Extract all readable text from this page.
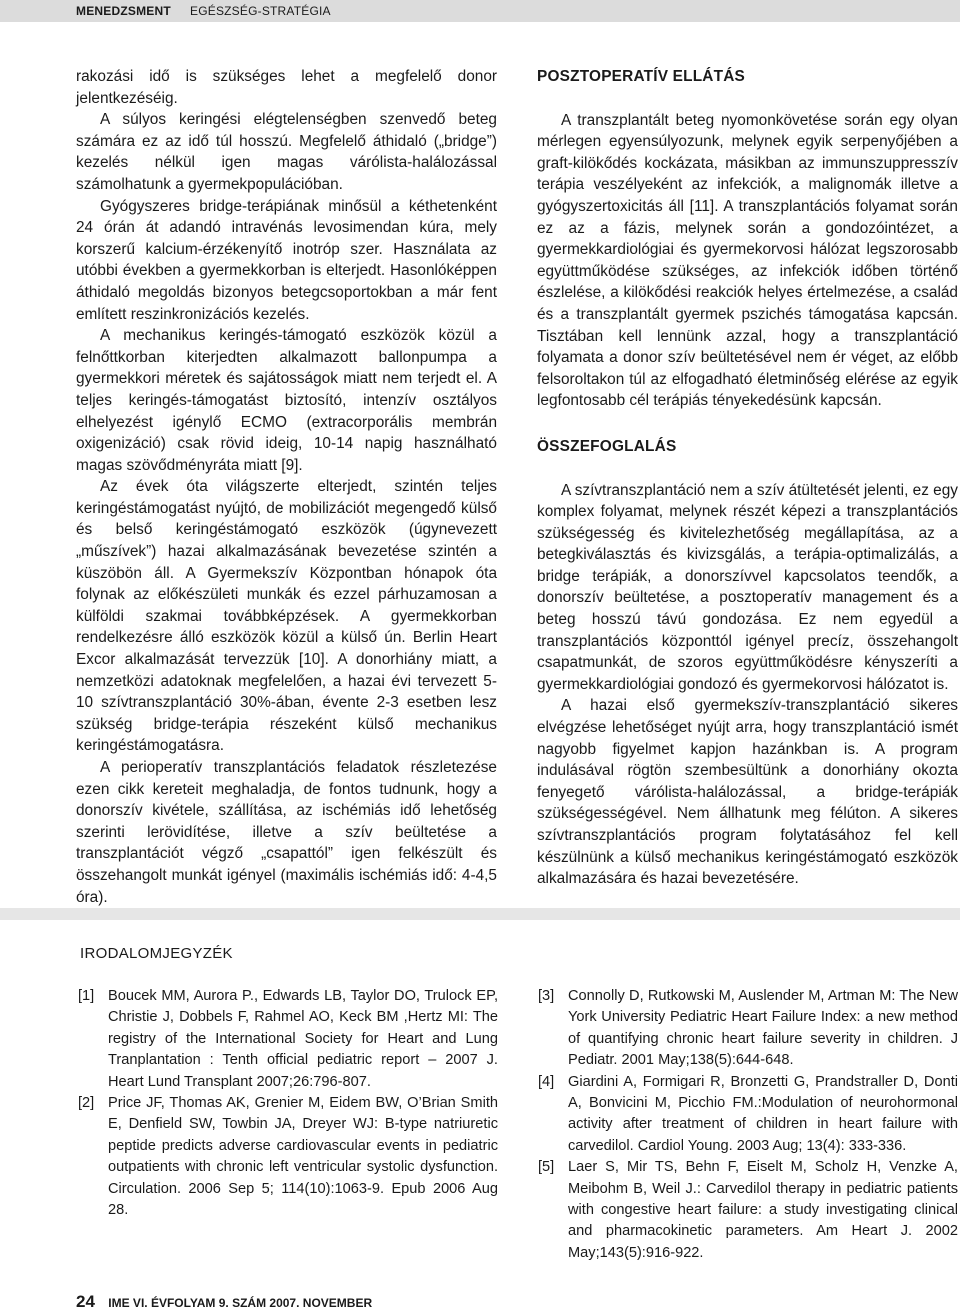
MENEDZSMENT EGÉSZSÉG-STRATÉGIA

rakozási idő is szükséges lehet a megfelelő donor jelentkezéséig.

A súlyos keringési elégtelenségben szenvedő beteg számára ez az idő túl hosszú. Megfelelő áthidaló („bridge”) kezelés nélkül igen magas várólista-halálozással számolhatunk a gyermekpopulációban.

Gyógyszeres bridge-terápiának minősül a kéthetenként 24 órán át adandó intravénás levosimendan kúra, mely korszerű kalcium-érzékenyítő inotróp szer. Használata az utóbbi években a gyermekkorban is elterjedt. Hasonlóképpen áthidaló megoldás bizonyos betegcsoportokban a már fent említett reszinkronizációs kezelés.

A mechanikus keringés-támogató eszközök közül a felnőttkorban kiterjedten alkalmazott ballonpumpa a gyermekkori méretek és sajátosságok miatt nem terjedt el. A teljes keringés-támogatást biztosító, intenzív osztályos elhelyezést igénylő ECMO (extracorporális membrán oxigenizáció) csak rövid ideig, 10-14 napig használható magas szövődményráta miatt [9].

Az évek óta világszerte elterjedt, szintén teljes keringéstámogatást nyújtó, de mobilizációt megengedő külső és belső keringéstámogató eszközök (úgynevezett „műszívek”) hazai alkalmazásának bevezetése szintén a küszöbön áll. A Gyermekszív Központban hónapok óta folynak az előkészületi munkák és ezzel párhuzamosan a külföldi szakmai továbbképzések. A gyermekkorban rendelkezésre álló eszközök közül a külső ún. Berlin Heart Excor alkalmazását tervezzük [10]. A donorhiány miatt, a nemzetközi adatoknak megfelelően, a hazai évi tervezett 5-10 szívtranszplantáció 30%-ában, évente 2-3 esetben lesz szükség bridge-terápia részeként külső mechanikus keringéstámogatásra.

A perioperatív transzplantációs feladatok részletezése ezen cikk kereteit meghaladja, de fontos tudnunk, hogy a donorszív kivétele, szállítása, az ischémiás idő lehetőség szerinti lerövidítése, illetve a szív beültetése a transzplantációt végző „csapattól” igen felkészült és összehangolt munkát igényel (maximális ischémiás idő: 4-4,5 óra).

POSZTOPERATÍV ELLÁTÁS

A transzplantált beteg nyomonkövetése során egy olyan mérlegen egyensúlyozunk, melynek egyik serpenyőjében a graft-kilökődés kockázata, másikban az immunszuppresszív terápia veszélyeként az infekciók, a malignomák illetve a gyógyszertoxicitás áll [11]. A transzplantációs folyamat során ez az a fázis, melynek során a gondozóintézet, a gyermekkardiológiai és gyermekorvosi hálózat legszorosabb együttműködése szükséges, az infekciók időben történő észlelése, a kilökődési reakciók helyes értelmezése, a család és a transzplantált gyermek pszichés támogatása kapcsán. Tisztában kell lennünk azzal, hogy a transzplantáció folyamata a donor szív beültetésével nem ér véget, az előbb felsoroltakon túl az elfogadható életminőség elérése az egyik legfontosabb cél terápiás tényekedésünk kapcsán.

ÖSSZEFOGLALÁS

A szívtranszplantáció nem a szív átültetését jelenti, ez egy komplex folyamat, melynek részét képezi a transzplantációs szükségesség és kivitelezhetőség megállapítása, az a betegkiválasztás és kivizsgálás, a terápia-optimalizálás, a bridge terápiák, a donorszívvel kapcsolatos teendők, a donorszív beültetése, a posztoperatív management és a beteg hosszú távú gondozása. Ez nem egyedül a transzplantációs központtól igényel precíz, összehangolt csapatmunkát, de szoros együttműködésre kényszeríti a gyermekkardiológiai gondozó és gyermekorvosi hálózatot is.

A hazai első gyermekszív-transzplantáció sikeres elvégzése lehetőséget nyújt arra, hogy transzplantáció ismét nagyobb figyelmet kapjon hazánkban is. A program indulásával rögtön szembesültünk a donorhiány okozta fenyegető várólista-halálozással, a bridge-terápiák szükségességével. Nem állhatunk meg félúton. A sikeres szívtranszplantációs program folytatásához fel kell készülnünk a külső mechanikus keringéstámogató eszközök alkalmazására és hazai bevezetésére.

IRODALOMJEGYZÉK
[1] Boucek MM, Aurora P., Edwards LB, Taylor DO, Trulock EP, Christie J, Dobbels F, Rahmel AO, Keck BM ,Hertz MI: The registry of the International Society for Heart and Lung Tranplantation : Tenth official pediatric report – 2007 J. Heart Lund Transplant 2007;26:796-807.
[2] Price JF, Thomas AK, Grenier M, Eidem BW, O’Brian Smith E, Denfield SW, Towbin JA, Dreyer WJ: B-type natriuretic peptide predicts adverse cardiovascular events in pediatric outpatients with chronic left ventricular systolic dysfunction. Circulation. 2006 Sep 5; 114(10):1063-9. Epub 2006 Aug 28.
[3] Connolly D, Rutkowski M, Auslender M, Artman M: The New York University Pediatric Heart Failure Index: a new method of quantifying chronic heart failure severity in children. J Pediatr. 2001 May;138(5):644-648.
[4] Giardini A, Formigari R, Bronzetti G, Prandstraller D, Donti A, Bonvicini M, Picchio FM.:Modulation of neurohormonal activity after treatment of children in heart failure with carvedilol. Cardiol Young. 2003 Aug; 13(4): 333-336.
[5] Laer S, Mir TS, Behn F, Eiselt M, Scholz H, Venzke A, Meibohm B, Weil J.: Carvedilol therapy in pediatric patients with congestive heart failure: a study investigating clinical and pharmacokinetic parameters. Am Heart J. 2002 May;143(5):916-922.
24 IME VI. ÉVFOLYAM 9. SZÁM 2007. NOVEMBER
